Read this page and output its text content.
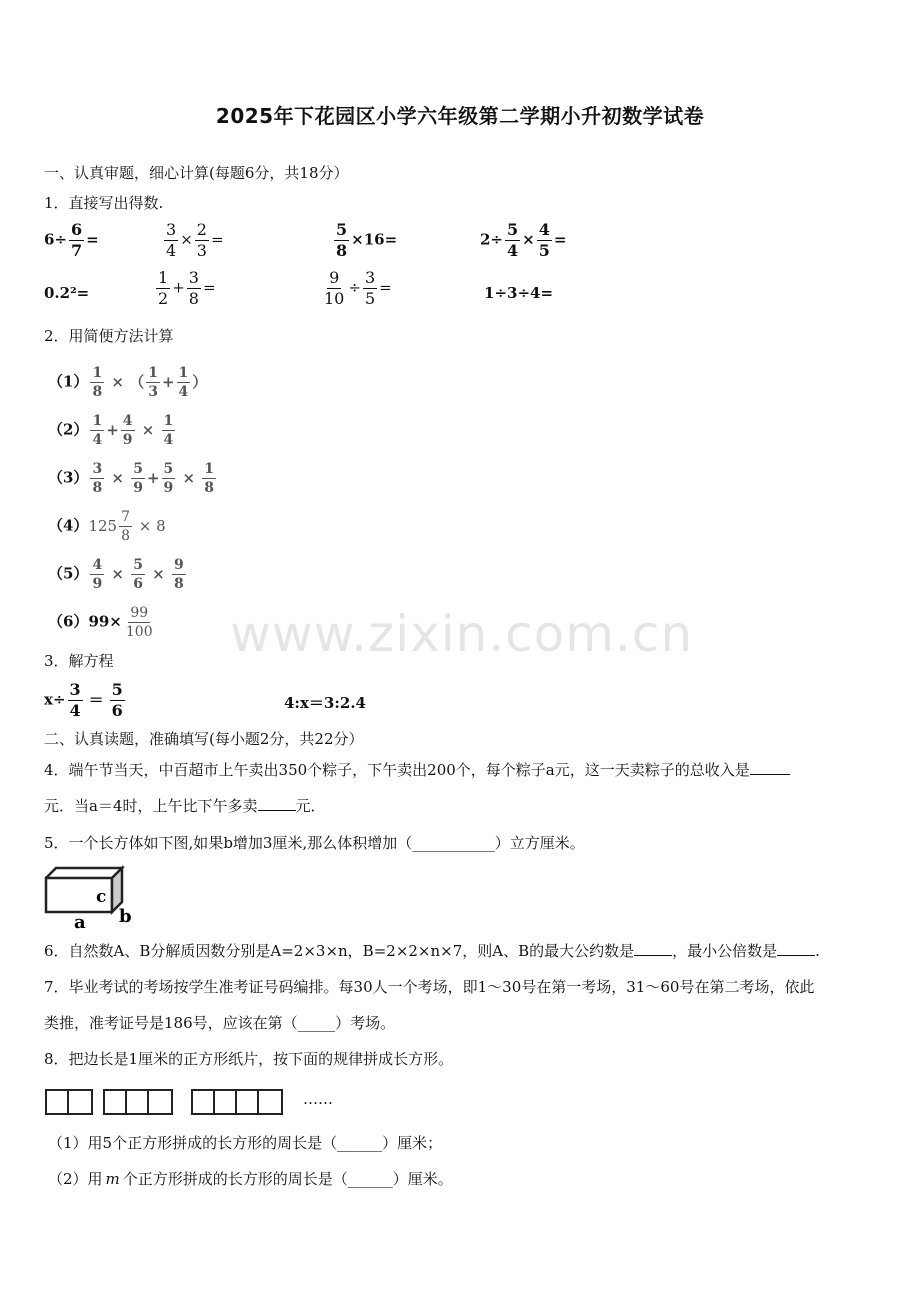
2025年下花园区小学六年级第二学期小升初数学试卷
www.zixin.com.cn
一、认真审题，细心计算(每题6分，共18分）
1．直接写出得数.
$6\div \frac{6}{7}$ =	$\frac{3}{4} \times \frac{2}{3}$ =	$\frac{5}{8} \times 16=$	$2\div \frac{5}{4} \times \frac{4}{5}$ =
0.2²=	$\frac{1}{2} + \frac{3}{8}$ =	$\frac{9}{10} \div \frac{3}{5}$ =	1÷3÷4=
2．用简便方法计算
$(1) \frac{1}{8}$ × （ $\frac{1}{3} + \frac{1}{4}$ ）
$(2) \frac{1}{4} + \frac{4}{9} \times \frac{1}{4}$
$(3) \frac{3}{8} \times \frac{5}{9} + \frac{5}{9} \times \frac{1}{8}$
$(4)125 \frac{7}{8} \times 8$
$(5) \frac{4}{9} \times \frac{5}{6} \times \frac{9}{8}$
$(6)99\times \frac{99}{100}$
3．解方程
$x\div \frac{3}{4} = \frac{5}{6}$	4:x＝3:2.4
二、认真读题，准确填写(每小题2分，共22分）
4．端午节当天，中百超市上午卖出350个粽子，下午卖出200个，每个粽子a元，这一天卖粽子的总收入是
元．当a＝4时，上午比下午多卖	元．
5．一个长方体如下图,如果b增加3厘米,那么体积增加（___________）立方厘米。
c
a b
6．自然数A、B分解质因数分别是A=2×3×n，B=2×2×n×7，则A、B的最大公约数是	，最小公倍数是	.
7．毕业考试的考场按学生准考证号码编排。每30人一个考场，即1～30号在第一考场，31～60号在第二考场，依此
类推，准考证号是186号，应该在第（_____）考场。
8．把边长是1厘米的正方形纸片，按下面的规律拼成长方形。
……
（1）用5个正方形拼成的长方形的周长是（______）厘米；
（2）用 m 个正方形拼成的长方形的周长是（______）厘米。
